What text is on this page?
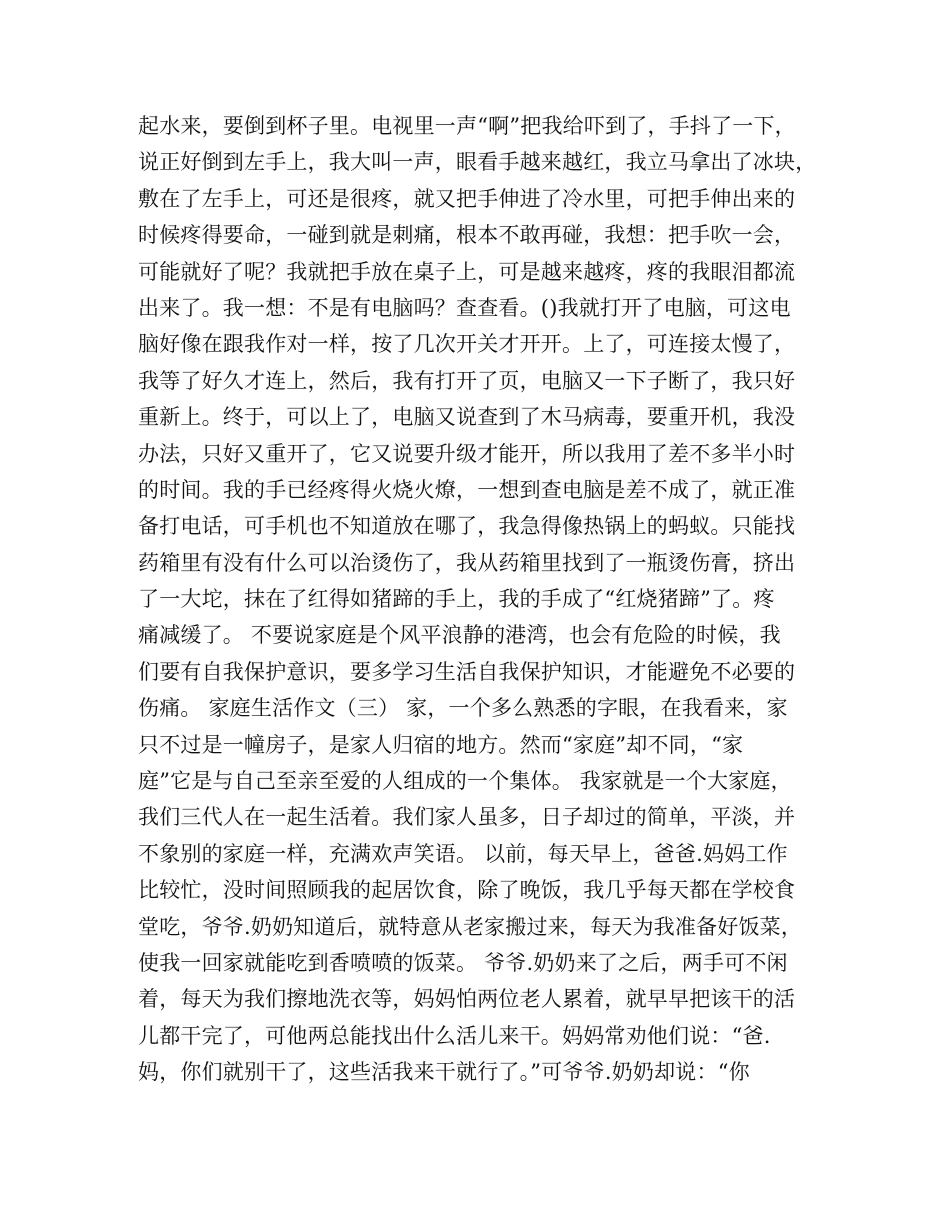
起水来，要倒到杯子里。电视里一声“啊”把我给吓到了，手抖了一下，
说正好倒到左手上，我大叫一声，眼看手越来越红，我立马拿出了冰块，
敷在了左手上，可还是很疼，就又把手伸进了冷水里，可把手伸出来的
时候疼得要命，一碰到就是刺痛，根本不敢再碰，我想：把手吹一会，
可能就好了呢？我就把手放在桌子上，可是越来越疼，疼的我眼泪都流
出来了。我一想：不是有电脑吗？查查看。()我就打开了电脑，可这电
脑好像在跟我作对一样，按了几次开关才开开。上了，可连接太慢了，
我等了好久才连上，然后，我有打开了页，电脑又一下子断了，我只好
重新上。终于，可以上了，电脑又说查到了木马病毒，要重开机，我没
办法，只好又重开了，它又说要升级才能开，所以我用了差不多半小时
的时间。我的手已经疼得火烧火燎，一想到查电脑是差不成了，就正准
备打电话，可手机也不知道放在哪了，我急得像热锅上的蚂蚁。只能找
药箱里有没有什么可以治烫伤了，我从药箱里找到了一瓶烫伤膏，挤出
了一大坨，抹在了红得如猪蹄的手上，我的手成了“红烧猪蹄”了。疼
痛减缓了。 不要说家庭是个风平浪静的港湾，也会有危险的时候，我
们要有自我保护意识，要多学习生活自我保护知识，才能避免不必要的
伤痛。 家庭生活作文（三） 家，一个多么熟悉的字眼，在我看来，家
只不过是一幢房子，是家人归宿的地方。然而“家庭”却不同，“家
庭”它是与自己至亲至爱的人组成的一个集体。 我家就是一个大家庭，
我们三代人在一起生活着。我们家人虽多，日子却过的简单，平淡，并
不象别的家庭一样，充满欢声笑语。 以前，每天早上，爸爸.妈妈工作
比较忙，没时间照顾我的起居饮食，除了晚饭，我几乎每天都在学校食
堂吃，爷爷.奶奶知道后，就特意从老家搬过来，每天为我准备好饭菜，
使我一回家就能吃到香喷喷的饭菜。 爷爷.奶奶来了之后，两手可不闲
着，每天为我们擦地洗衣等，妈妈怕两位老人累着，就早早把该干的活
儿都干完了，可他两总能找出什么活儿来干。妈妈常劝他们说：“爸.
妈，你们就别干了，这些活我来干就行了。”可爷爷.奶奶却说：“你
